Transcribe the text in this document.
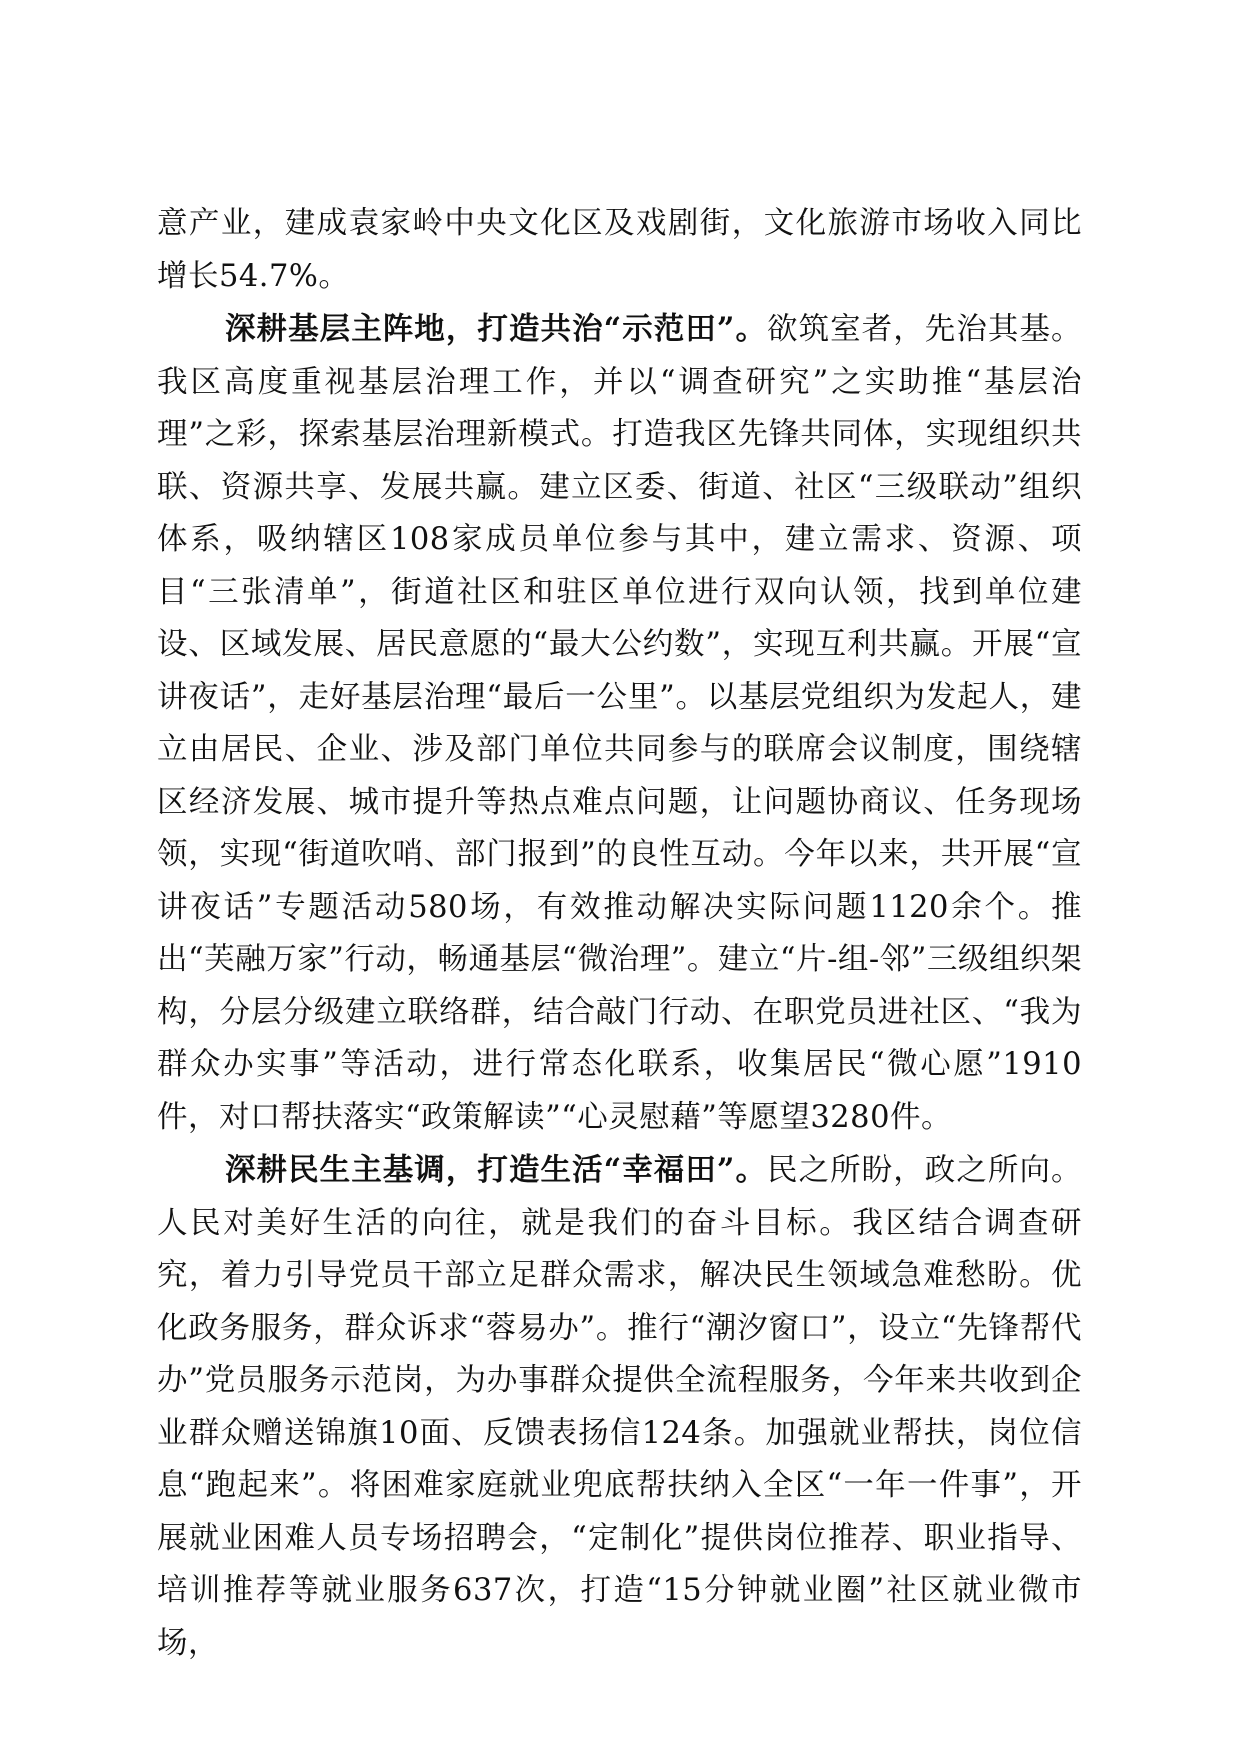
意产业，建成袁家岭中央文化区及戏剧街，文化旅游市场收入同比增长54.7%。

深耕基层主阵地，打造共治“示范田”。欲筑室者，先治其基。我区高度重视基层治理工作，并以“调查研究”之实助推“基层治理”之彩，探索基层治理新模式。打造我区先锋共同体，实现组织共联、资源共享、发展共赢。建立区委、街道、社区“三级联动”组织体系，吸纳辖区108家成员单位参与其中，建立需求、资源、项目“三张清单”，街道社区和驻区单位进行双向认领，找到单位建设、区域发展、居民意愿的“最大公约数”，实现互利共赢。开展“宣讲夜话”，走好基层治理“最后一公里”。以基层党组织为发起人，建立由居民、企业、涉及部门单位共同参与的联席会议制度，围绕辖区经济发展、城市提升等热点难点问题，让问题协商议、任务现场领，实现“街道吹哨、部门报到”的良性互动。今年以来，共开展“宣讲夜话”专题活动580场，有效推动解决实际问题1120余个。推出“芙融万家”行动，畅通基层“微治理”。建立“片-组-邻”三级组织架构，分层分级建立联络群，结合敲门行动、在职党员进社区、“我为群众办实事”等活动，进行常态化联系，收集居民“微心愿”1910件，对口帮扶落实“政策解读”“心灵慰藉”等愿望3280件。

深耕民生主基调，打造生活“幸福田”。民之所盼，政之所向。人民对美好生活的向往，就是我们的奋斗目标。我区结合调查研究，着力引导党员干部立足群众需求，解决民生领域急难愁盼。优化政务服务，群众诉求“蓉易办”。推行“潮汐窗口”，设立“先锋帮代办”党员服务示范岗，为办事群众提供全流程服务，今年来共收到企业群众赠送锦旗10面、反馈表扬信124条。加强就业帮扶，岗位信息“跑起来”。将困难家庭就业兜底帮扶纳入全区“一年一件事”，开展就业困难人员专场招聘会，“定制化”提供岗位推荐、职业指导、培训推荐等就业服务637次，打造“15分钟就业圈”社区就业微市场，
